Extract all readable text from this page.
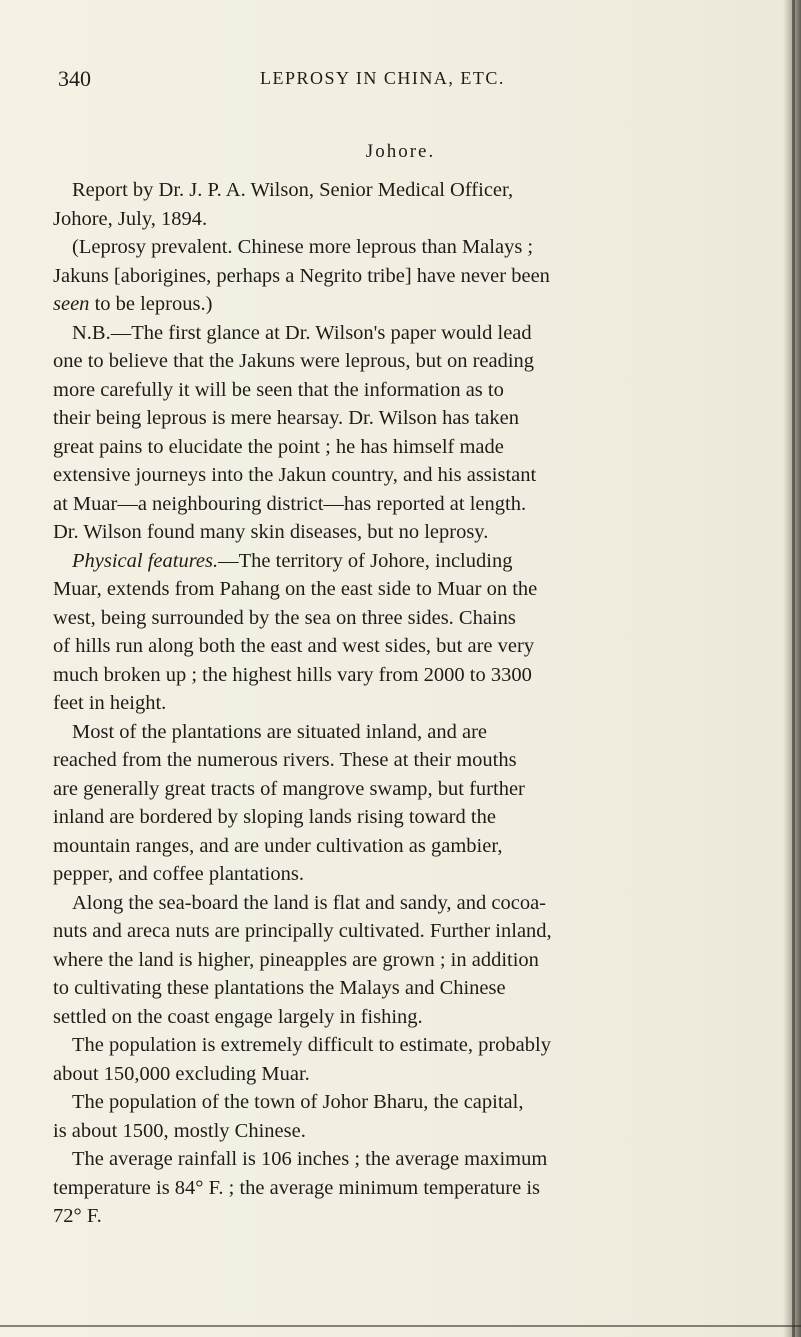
340	LEPROSY IN CHINA, ETC.
Johore.
Report by Dr. J. P. A. Wilson, Senior Medical Officer,
Johore, July, 1894.
(Leprosy prevalent. Chinese more leprous than Malays ;
Jakuns [aborigines, perhaps a Negrito tribe] have never been
seen to be leprous.)
N.B.—The first glance at Dr. Wilson's paper would lead
one to believe that the Jakuns were leprous, but on reading
more carefully it will be seen that the information as to
their being leprous is mere hearsay. Dr. Wilson has taken
great pains to elucidate the point ; he has himself made
extensive journeys into the Jakun country, and his assistant
at Muar—a neighbouring district—has reported at length.
Dr. Wilson found many skin diseases, but no leprosy.
Physical features.—The territory of Johore, including
Muar, extends from Pahang on the east side to Muar on the
west, being surrounded by the sea on three sides. Chains
of hills run along both the east and west sides, but are very
much broken up ; the highest hills vary from 2000 to 3300
feet in height.
Most of the plantations are situated inland, and are
reached from the numerous rivers. These at their mouths
are generally great tracts of mangrove swamp, but further
inland are bordered by sloping lands rising toward the
mountain ranges, and are under cultivation as gambier,
pepper, and coffee plantations.
Along the sea-board the land is flat and sandy, and cocoa-
nuts and areca nuts are principally cultivated. Further inland,
where the land is higher, pineapples are grown ; in addition
to cultivating these plantations the Malays and Chinese
settled on the coast engage largely in fishing.
The population is extremely difficult to estimate, probably
about 150,000 excluding Muar.
The population of the town of Johor Bharu, the capital,
is about 1500, mostly Chinese.
The average rainfall is 106 inches ; the average maximum
temperature is 84° F. ; the average minimum temperature is
72° F.
